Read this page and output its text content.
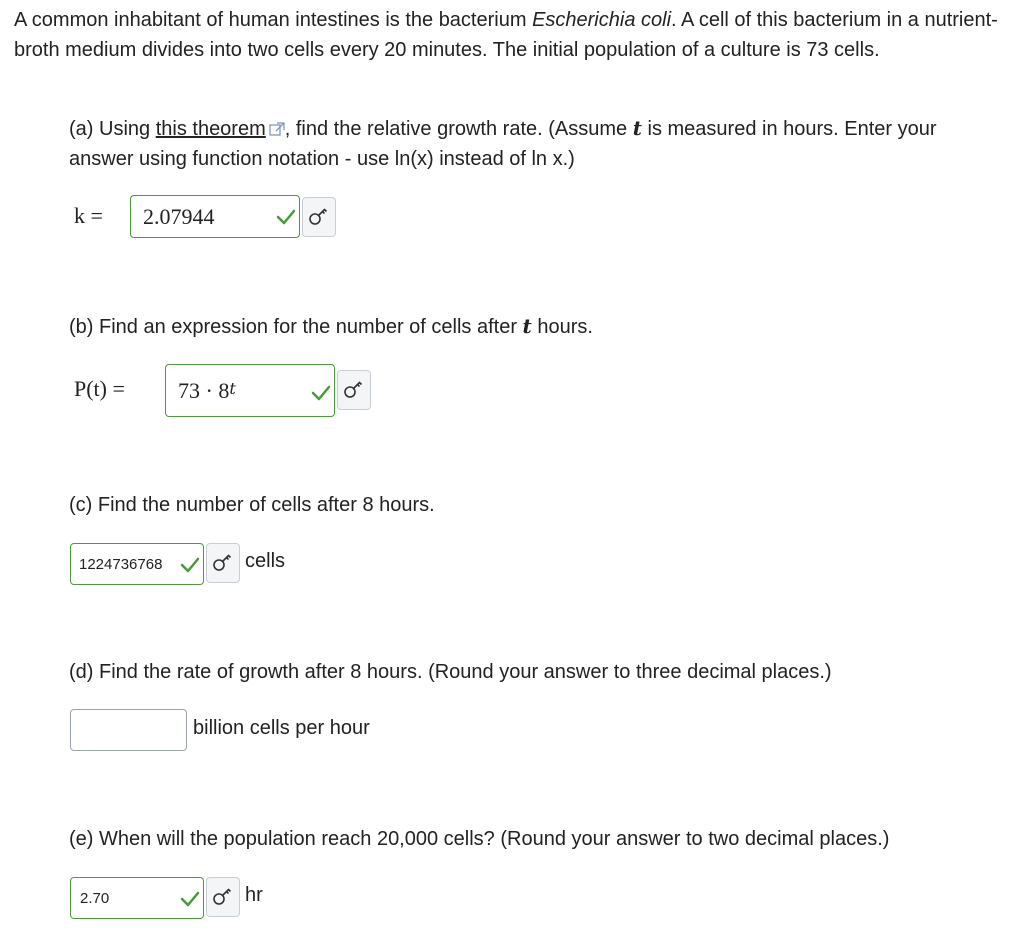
A common inhabitant of human intestines is the bacterium Escherichia coli. A cell of this bacterium in a nutrient-broth medium divides into two cells every 20 minutes. The initial population of a culture is 73 cells.
(a) Using this theorem , find the relative growth rate. (Assume t is measured in hours. Enter your answer using function notation - use ln(x) instead of ln x.)
k = 2.07944
(b) Find an expression for the number of cells after t hours.
$P(t) = 73 \cdot 8^t$
(c) Find the number of cells after 8 hours.
1224736768	cells
(d) Find the rate of growth after 8 hours. (Round your answer to three decimal places.)
billion cells per hour
(e) When will the population reach 20,000 cells? (Round your answer to two decimal places.)
2.70	hr
